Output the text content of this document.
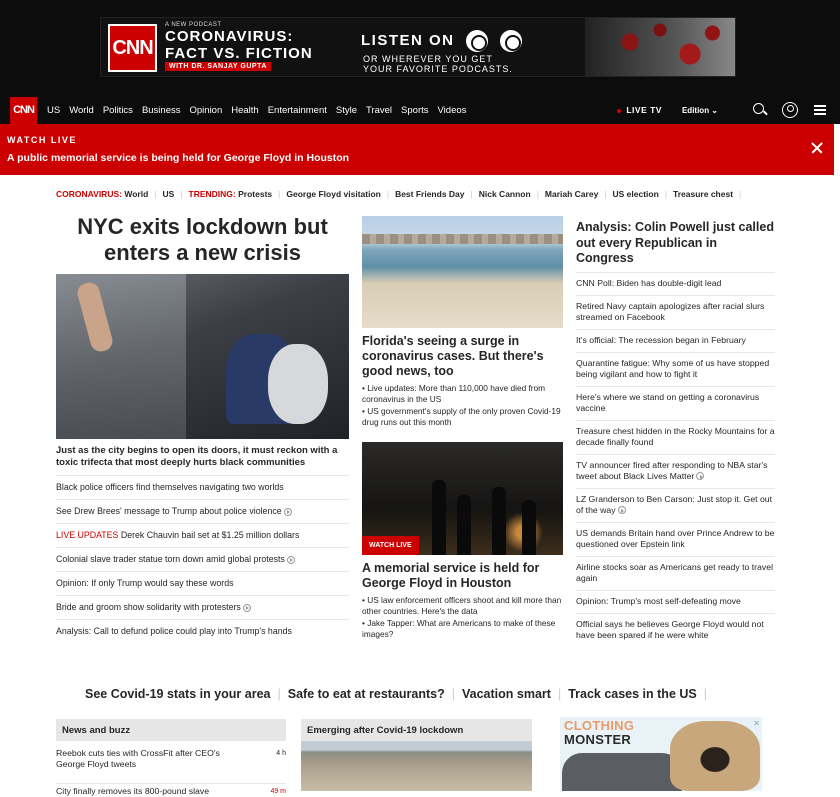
CNN
A NEW PODCAST
CORONAVIRUS:
FACT VS. FICTION
WITH DR. SANJAY GUPTA
LISTEN ON
OR WHEREVER YOU GET
YOUR FAVORITE PODCASTS.
CNN	US World Politics Business Opinion Health Entertainment Style Travel Sports Videos	LIVE TV	Edition ⌄
WATCH LIVE
A public memorial service is being held for George Floyd in Houston
CORONAVIRUS:
World | US | TRENDING:
Protests | George Floyd visitation | Best Friends Day | Nick Cannon | Mariah Carey | US election | Treasure chest |
NYC exits lockdown but enters a new crisis
Just as the city begins to open its doors, it must reckon with a toxic trifecta that most deeply hurts black communities
Black police officers find themselves navigating two worlds
See Drew Brees' message to Trump about police violence
LIVE UPDATES Derek Chauvin bail set at $1.25 million dollars
Colonial slave trader statue torn down amid global protests
Opinion: If only Trump would say these words
Bride and groom show solidarity with protesters
Analysis: Call to defund police could play into Trump's hands
Florida's seeing a surge in coronavirus cases. But there's good news, too
• Live updates: More than 110,000 have died from coronavirus in the US
• US government's supply of the only proven Covid-19 drug runs out this month
WATCH LIVE
A memorial service is held for George Floyd in Houston
• US law enforcement officers shoot and kill more than other countries. Here's the data
• Jake Tapper: What are Americans to make of these images?
Analysis: Colin Powell just called out every Republican in Congress
CNN Poll: Biden has double-digit lead
Retired Navy captain apologizes after racial slurs streamed on Facebook
It's official: The recession began in February
Quarantine fatigue: Why some of us have stopped being vigilant and how to fight it
Here's where we stand on getting a coronavirus vaccine
Treasure chest hidden in the Rocky Mountains for a decade finally found
TV announcer fired after responding to NBA star's tweet about Black Lives Matter
LZ Granderson to Ben Carson: Just stop it. Get out of the way
US demands Britain hand over Prince Andrew to be questioned over Epstein link
Airline stocks soar as Americans get ready to travel again
Opinion: Trump's most self-defeating move
Official says he believes George Floyd would not have been spared if he were white
See Covid-19 stats in your area | Safe to eat at restaurants? | Vacation smart | Track cases in the US |
News and buzz
Reebok cuts ties with CrossFit after CEO's George Floyd tweets
4 h
City finally removes its 800-pound slave	49 m
Emerging after Covid-19 lockdown	CLOTHING
MONSTER
✕
